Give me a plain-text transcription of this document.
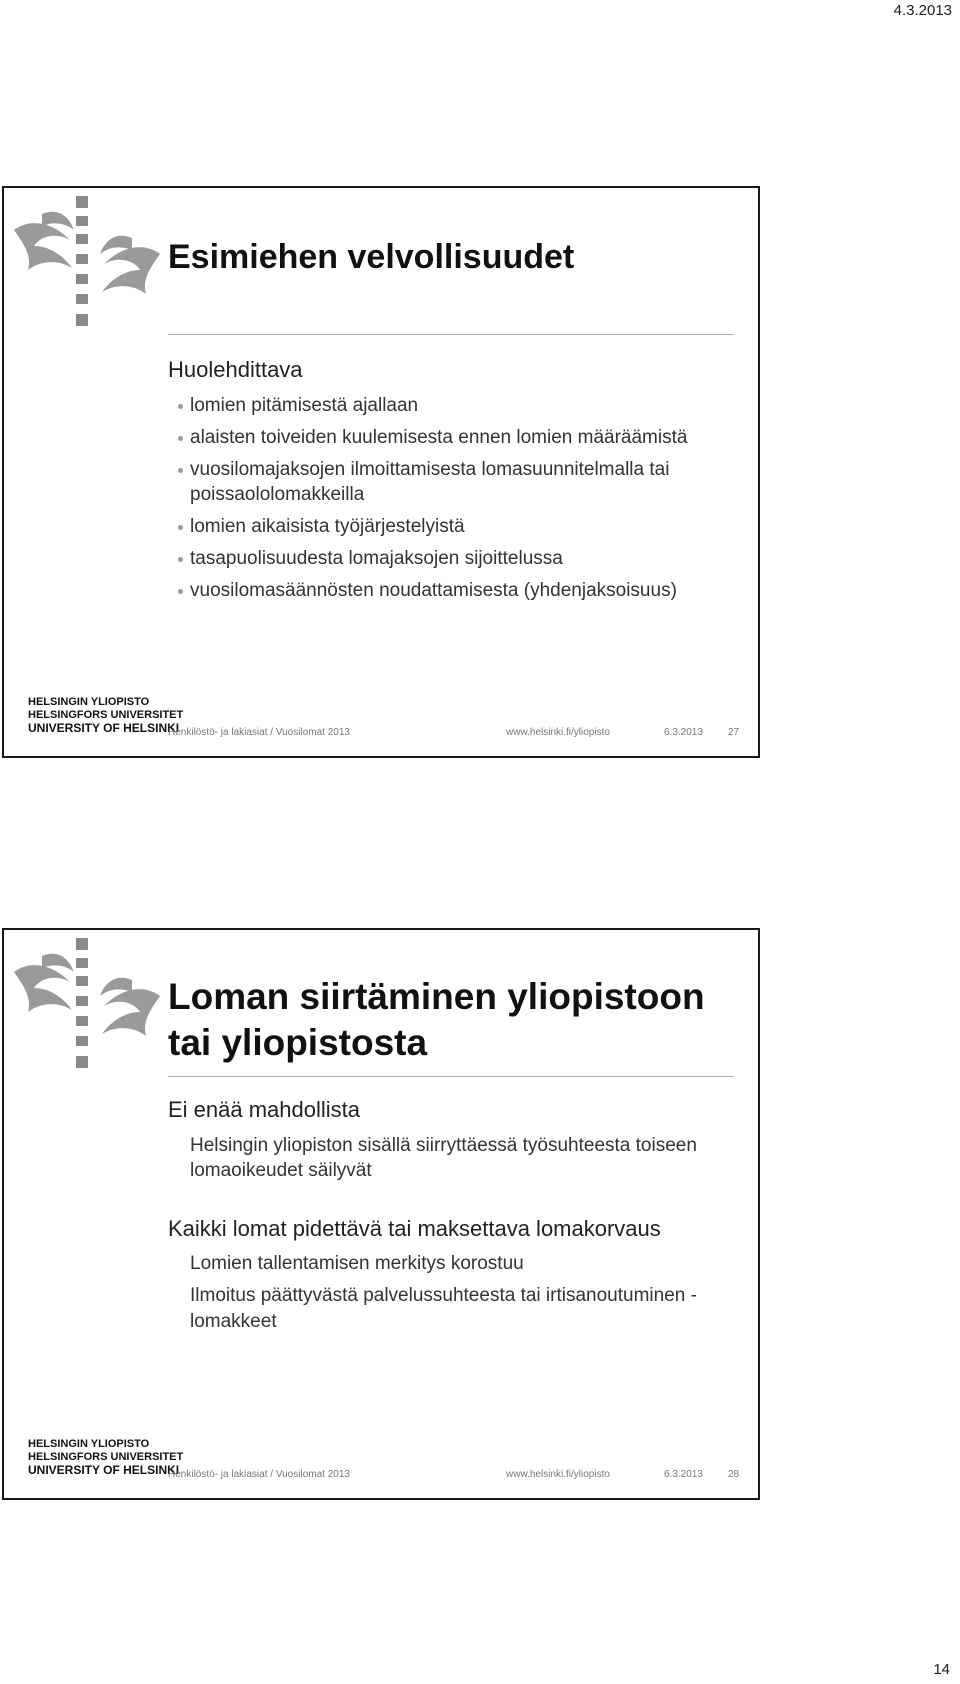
4.3.2013
Esimiehen velvollisuudet

Huolehdittava

lomien pitämisestä ajallaan
alaisten toiveiden kuulemisesta ennen lomien määräämistä
vuosilomajaksojen ilmoittamisesta lomasuunnitelmalla tai poissaololomakkeilla
lomien aikaisista työjärjestelyistä
tasapuolisuudesta lomajaksojen sijoittelussa
vuosilomasäännösten noudattamisesta (yhdenjaksoisuus)
HELSINGIN YLIOPISTO
HELSINGFORS UNIVERSITET
UNIVERSITY OF HELSINKI
Henkilöstö- ja lakiasiat / Vuosilomat 2013	www.helsinki.fi/yliopisto	6.3.2013	27
Loman siirtäminen yliopistoon
tai yliopistosta

Ei enää mahdollista

Helsingin yliopiston sisällä siirryttäessä työsuhteesta toiseen lomaoikeudet säilyvät

Kaikki lomat pidettävä tai maksettava lomakorvaus

Lomien tallentamisen merkitys korostuu
Ilmoitus päättyvästä palvelussuhteesta tai irtisanoutuminen -lomakkeet
HELSINGIN YLIOPISTO
HELSINGFORS UNIVERSITET
UNIVERSITY OF HELSINKI
Henkilöstö- ja lakiasiat / Vuosilomat 2013	www.helsinki.fi/yliopisto	6.3.2013	28
14
